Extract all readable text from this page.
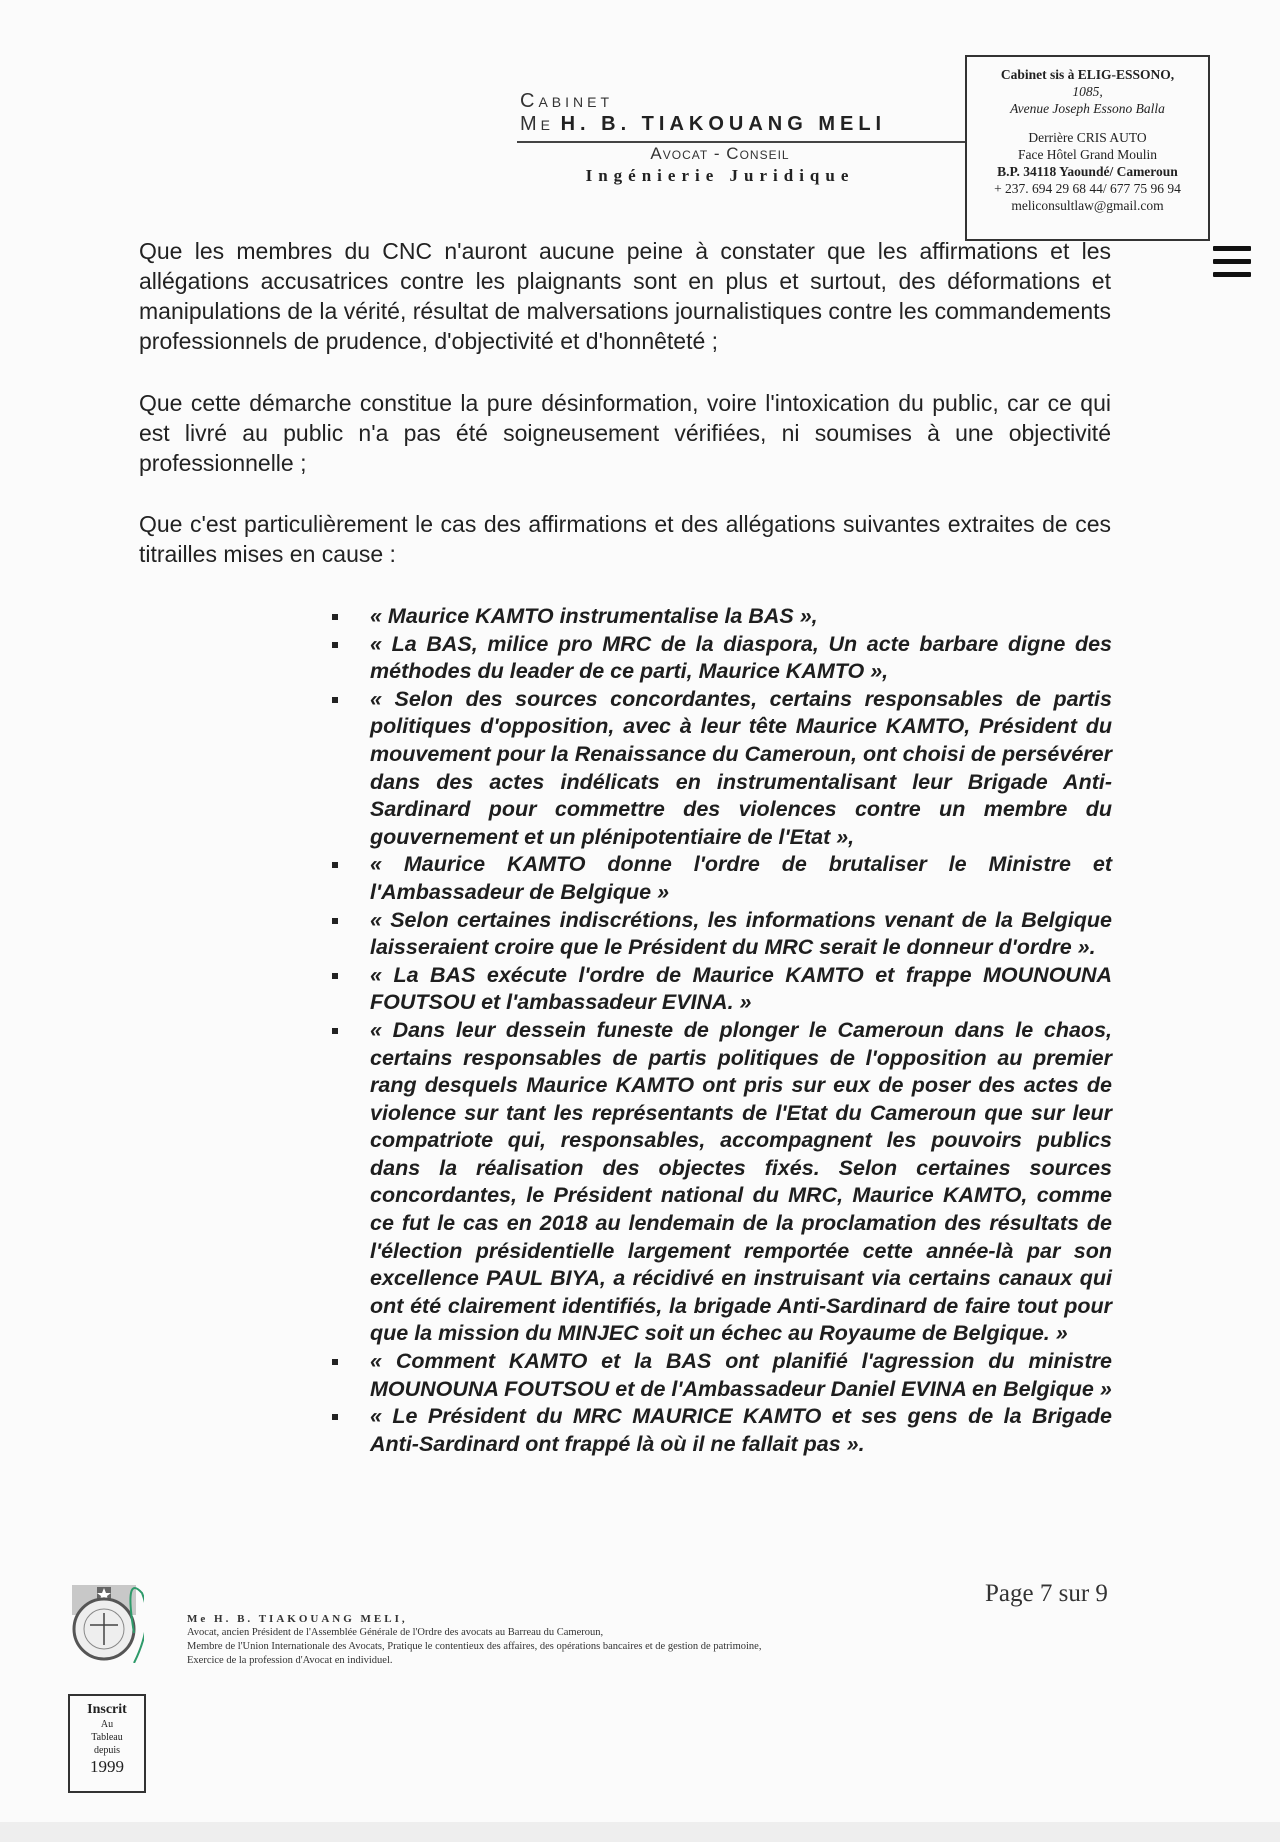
Cabinet
Me H. B. TIAKOUANG MELI
Avocat - Conseil
Ingénierie Juridique
Cabinet sis à ELIG-ESSONO,
1085,
Avenue Joseph Essono Balla
Derrière CRIS AUTO
Face Hôtel Grand Moulin
B.P. 34118 Yaoundé/ Cameroun
+ 237. 694 29 68 44/ 677 75 96 94
meliconsultlaw@gmail.com

Que les membres du CNC n'auront aucune peine à constater que les affirmations et les allégations accusatrices contre les plaignants sont en plus et surtout, des déformations et manipulations de la vérité, résultat de malversations journalistiques contre les commandements professionnels de prudence, d'objectivité et d'honnêteté ;

Que cette démarche constitue la pure désinformation, voire l'intoxication du public, car ce qui est livré au public n'a pas été soigneusement vérifiées, ni soumises à une objectivité professionnelle ;

Que c'est particulièrement le cas des affirmations et des allégations suivantes extraites de ces titrailles mises en cause :

« Maurice KAMTO instrumentalise la BAS »,
« La BAS, milice pro MRC de la diaspora, Un acte barbare digne des méthodes du leader de ce parti, Maurice KAMTO »,
« Selon des sources concordantes, certains responsables de partis politiques d'opposition, avec à leur tête Maurice KAMTO, Président du mouvement pour la Renaissance du Cameroun, ont choisi de persévérer dans des actes indélicats en instrumentalisant leur Brigade Anti-Sardinard pour commettre des violences contre un membre du gouvernement et un plénipotentiaire de l'Etat »,
« Maurice KAMTO donne l'ordre de brutaliser le Ministre et l'Ambassadeur de Belgique »
« Selon certaines indiscrétions, les informations venant de la Belgique laisseraient croire que le Président du MRC serait le donneur d'ordre ».
« La BAS exécute l'ordre de Maurice KAMTO et frappe MOUNOUNA FOUTSOU et l'ambassadeur EVINA. »
« Dans leur dessein funeste de plonger le Cameroun dans le chaos, certains responsables de partis politiques de l'opposition au premier rang desquels Maurice KAMTO ont pris sur eux de poser des actes de violence sur tant les représentants de l'Etat du Cameroun que sur leur compatriote qui, responsables, accompagnent les pouvoirs publics dans la réalisation des objectes fixés. Selon certaines sources concordantes, le Président national du MRC, Maurice KAMTO, comme ce fut le cas en 2018 au lendemain de la proclamation des résultats de l'élection présidentielle largement remportée cette année-là par son excellence PAUL BIYA, a récidivé en instruisant via certains canaux qui ont été clairement identifiés, la brigade Anti-Sardinard de faire tout pour que la mission du MINJEC soit un échec au Royaume de Belgique. »
« Comment KAMTO et la BAS ont planifié l'agression du ministre MOUNOUNA FOUTSOU et de l'Ambassadeur Daniel EVINA en Belgique »
« Le Président du MRC MAURICE KAMTO et ses gens de la Brigade Anti-Sardinard ont frappé là où il ne fallait pas ».
Page 7 sur 9
Me H. B. TIAKOUANG MELI,
Avocat, ancien Président de l'Assemblée Générale de l'Ordre des avocats au Barreau du Cameroun,
Membre de l'Union Internationale des Avocats, Pratique le contentieux des affaires, des opérations bancaires et de gestion de patrimoine,
Exercice de la profession d'Avocat en individuel.
Inscrit
Au
Tableau
depuis
1999
